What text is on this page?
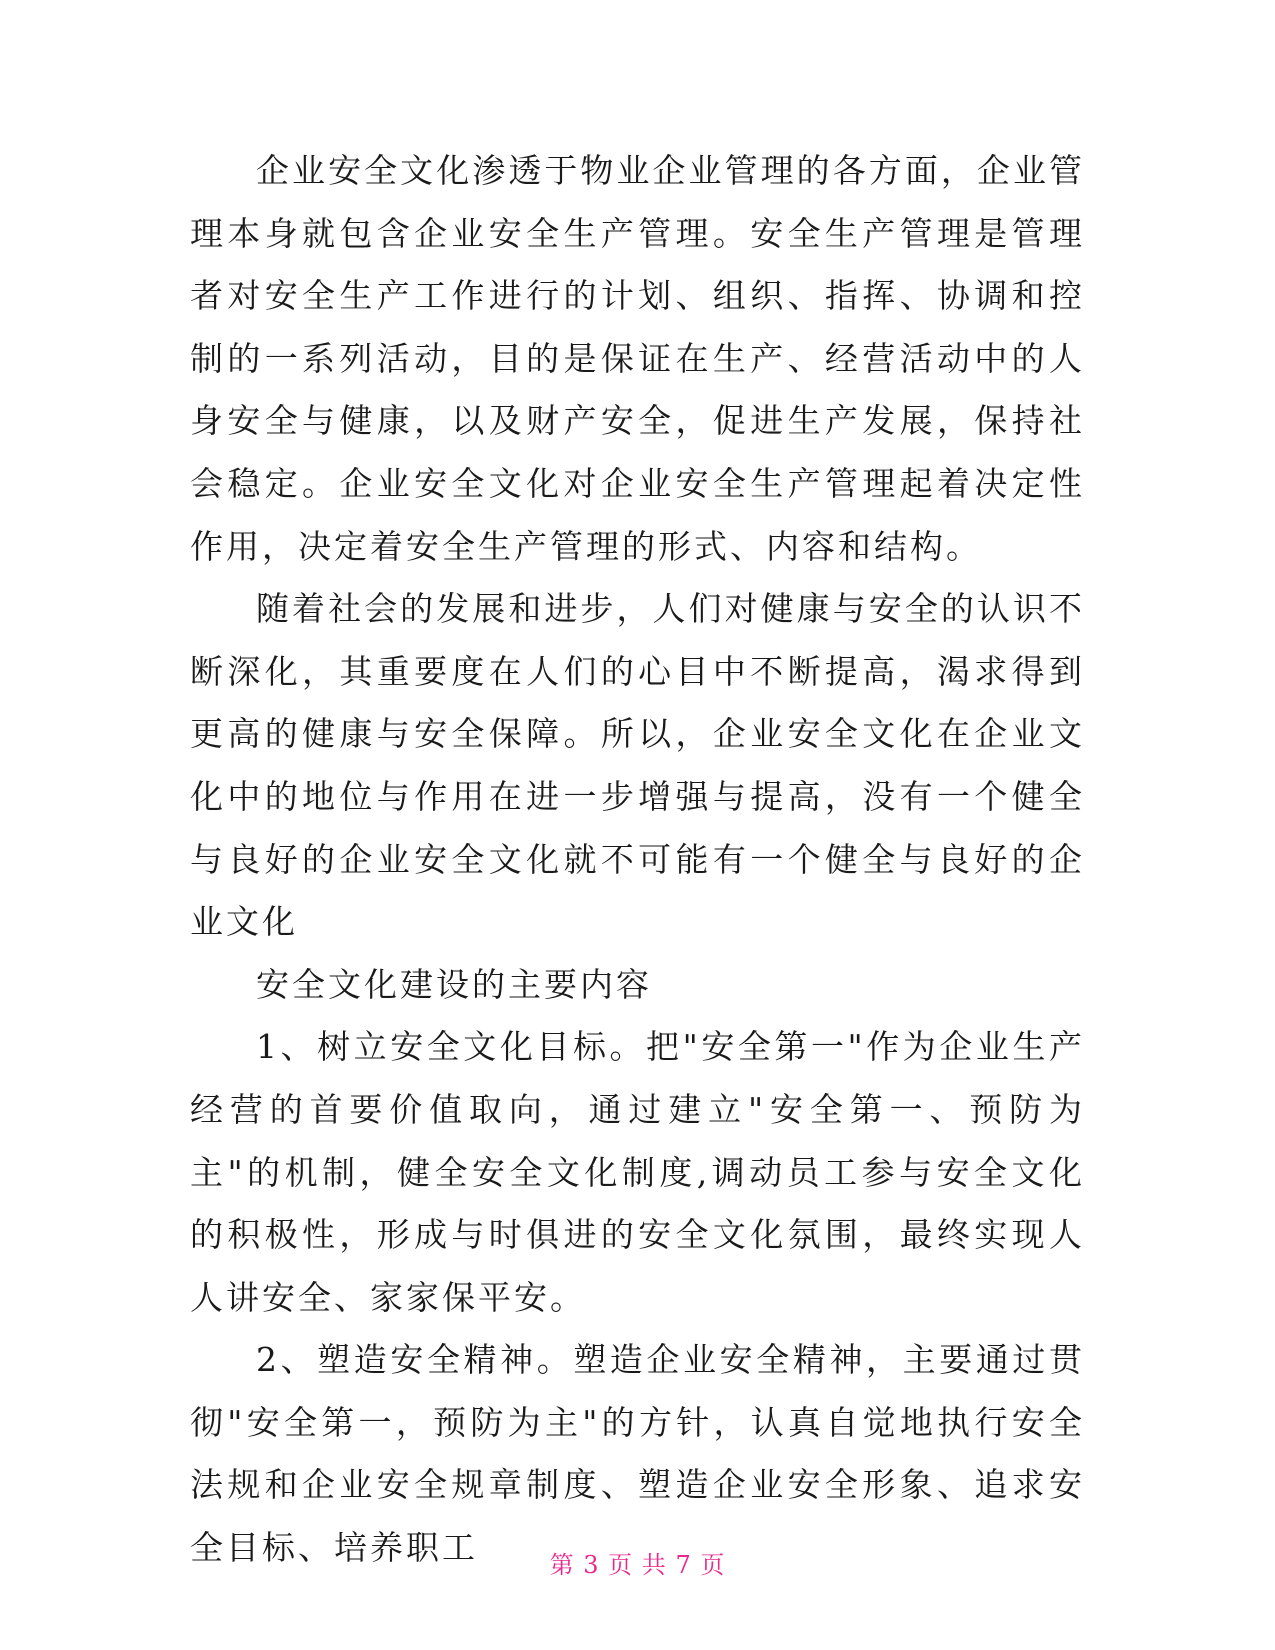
企业安全文化渗透于物业企业管理的各方面，企业管理本身就包含企业安全生产管理。安全生产管理是管理者对安全生产工作进行的计划、组织、指挥、协调和控制的一系列活动，目的是保证在生产、经营活动中的人身安全与健康，以及财产安全，促进生产发展，保持社会稳定。企业安全文化对企业安全生产管理起着决定性作用，决定着安全生产管理的形式、内容和结构。

随着社会的发展和进步，人们对健康与安全的认识不断深化，其重要度在人们的心目中不断提高，渴求得到更高的健康与安全保障。所以，企业安全文化在企业文化中的地位与作用在进一步增强与提高，没有一个健全与良好的企业安全文化就不可能有一个健全与良好的企业文化

安全文化建设的主要内容

1、树立安全文化目标。把"安全第一"作为企业生产经营的首要价值取向，通过建立"安全第一、预防为主"的机制，健全安全文化制度,调动员工参与安全文化的积极性，形成与时俱进的安全文化氛围，最终实现人人讲安全、家家保平安。

2、塑造安全精神。塑造企业安全精神，主要通过贯彻"安全第一，预防为主"的方针，认真自觉地执行安全法规和企业安全规章制度、塑造企业安全形象、追求安全目标、培养职工	第 3 页 共 7 页
